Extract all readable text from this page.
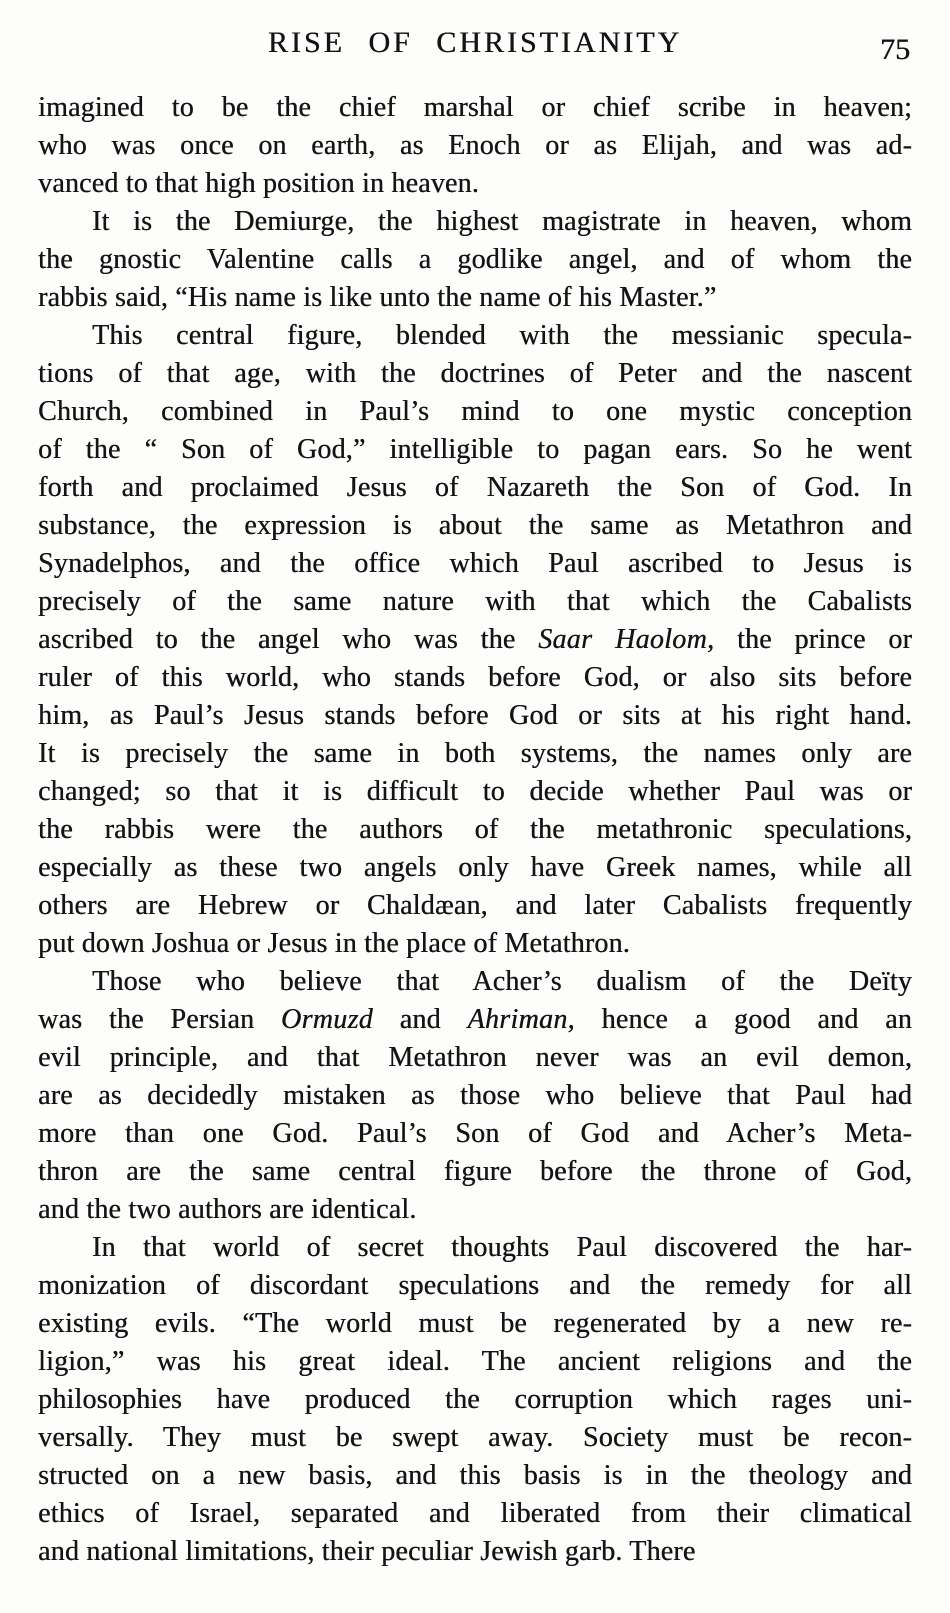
RISE OF CHRISTIANITY	75
imagined to be the chief marshal or chief scribe in heaven;
who was once on earth, as Enoch or as Elijah, and was ad-
vanced to that high position in heaven.
It is the Demiurge, the highest magistrate in heaven, whom
the gnostic Valentine calls a godlike angel, and of whom the
rabbis said, “His name is like unto the name of his Master.”
This central figure, blended with the messianic specula-
tions of that age, with the doctrines of Peter and the nascent
Church, combined in Paul’s mind to one mystic conception
of the “ Son of God,” intelligible to pagan ears. So he went
forth and proclaimed Jesus of Nazareth the Son of God. In
substance, the expression is about the same as Metathron and
Synadelphos, and the office which Paul ascribed to Jesus is
precisely of the same nature with that which the Cabalists
ascribed to the angel who was the Saar Haolom, the prince or
ruler of this world, who stands before God, or also sits before
him, as Paul’s Jesus stands before God or sits at his right hand.
It is precisely the same in both systems, the names only are
changed; so that it is difficult to decide whether Paul was or
the rabbis were the authors of the metathronic speculations,
especially as these two angels only have Greek names, while all
others are Hebrew or Chaldæan, and later Cabalists frequently
put down Joshua or Jesus in the place of Metathron.
Those who believe that Acher’s dualism of the Deïty
was the Persian Ormuzd and Ahriman, hence a good and an
evil principle, and that Metathron never was an evil demon,
are as decidedly mistaken as those who believe that Paul had
more than one God. Paul’s Son of God and Acher’s Meta-
thron are the same central figure before the throne of God,
and the two authors are identical.
In that world of secret thoughts Paul discovered the har-
monization of discordant speculations and the remedy for all
existing evils. “The world must be regenerated by a new re-
ligion,” was his great ideal. The ancient religions and the
philosophies have produced the corruption which rages uni-
versally. They must be swept away. Society must be recon-
structed on a new basis, and this basis is in the theology and
ethics of Israel, separated and liberated from their climatical
and national limitations, their peculiar Jewish garb. There
